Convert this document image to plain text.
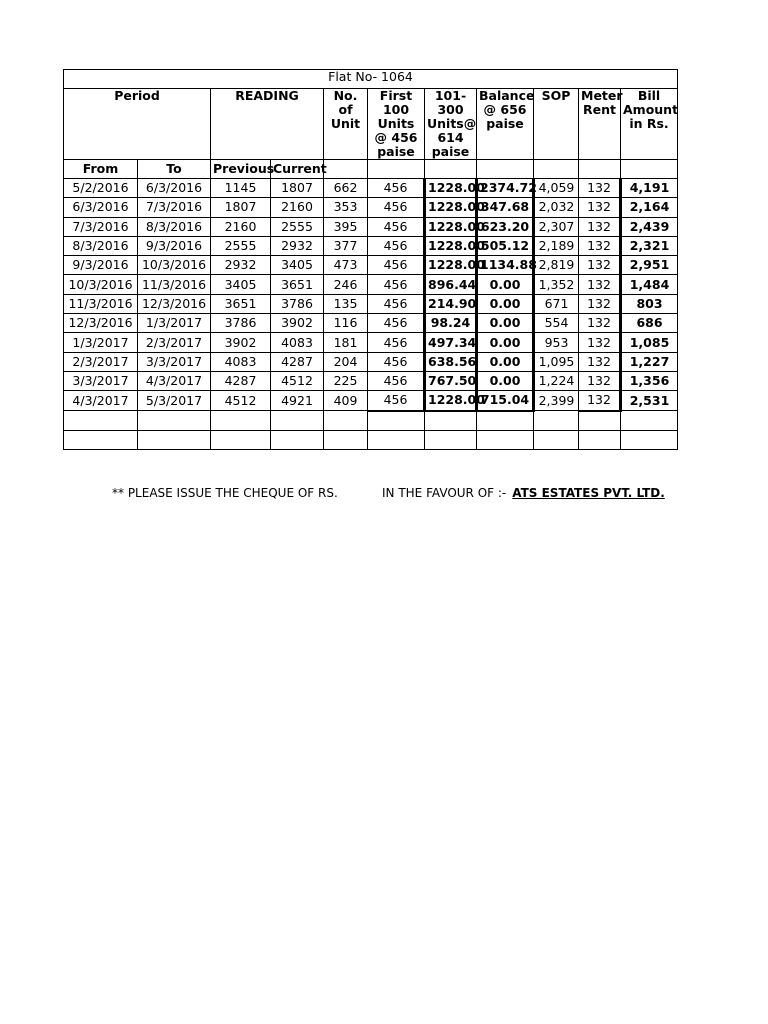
Flat No- 1064										
Period		READING		No. of Unit	First 100 Units @ 456 paise	101-300 Units@ 614 paise	Balance @ 656 paise	SOP	Meter Rent	Bill Amount in Rs.
From	To	Previous	Current							
5/2/2016	6/3/2016	1145	1807	662	456	1228.00	2374.72	4,059	132	4,191
6/3/2016	7/3/2016	1807	2160	353	456	1228.00	347.68	2,032	132	2,164
7/3/2016	8/3/2016	2160	2555	395	456	1228.00	623.20	2,307	132	2,439
8/3/2016	9/3/2016	2555	2932	377	456	1228.00	505.12	2,189	132	2,321
9/3/2016	10/3/2016	2932	3405	473	456	1228.00	1134.88	2,819	132	2,951
10/3/2016	11/3/2016	3405	3651	246	456	896.44	0.00	1,352	132	1,484
11/3/2016	12/3/2016	3651	3786	135	456	214.90	0.00	671	132	803
12/3/2016	1/3/2017	3786	3902	116	456	98.24	0.00	554	132	686
1/3/2017	2/3/2017	3902	4083	181	456	497.34	0.00	953	132	1,085
2/3/2017	3/3/2017	4083	4287	204	456	638.56	0.00	1,095	132	1,227
3/3/2017	4/3/2017	4287	4512	225	456	767.50	0.00	1,224	132	1,356
4/3/2017	5/3/2017	4512	4921	409	456	1228.00	715.04	2,399	132	2,531

** PLEASE ISSUE THE CHEQUE OF RS.	IN THE FAVOUR OF :- ATS ESTATES PVT. LTD.
